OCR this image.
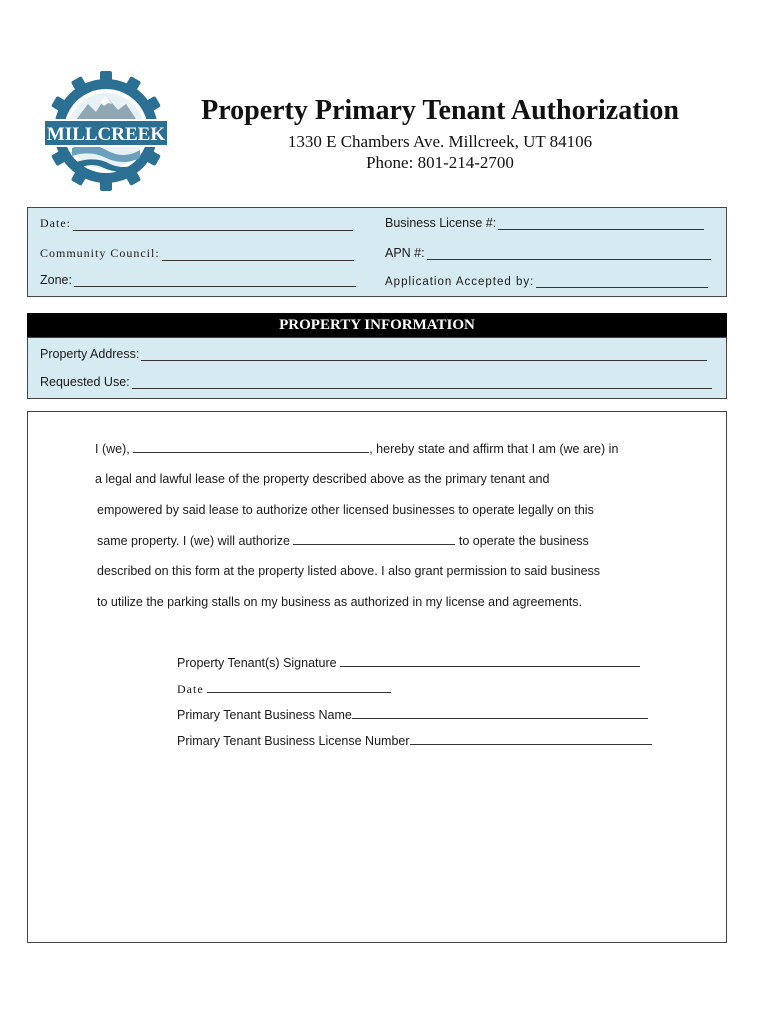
MILLCREEK
Property Primary Tenant Authorization
1330 E Chambers Ave. Millcreek, UT 84106
Phone: 801-214-2700
Date:
Community Council:
Zone:
Business License #:
APN #:
Application Accepted by:
PROPERTY INFORMATION
Property Address:
Requested Use:
I (we),	, hereby state and affirm that I am (we are) in
a legal and lawful lease of the property described above as the primary tenant and
empowered by said lease to authorize other licensed businesses to operate legally on this
same property. I (we) will authorize	to operate the business
described on this form at the property listed above. I also grant permission to said business
to utilize the parking stalls on my business as authorized in my license and agreements.
Property Tenant(s) Signature
Date
Primary Tenant Business Name
Primary Tenant Business License Number
